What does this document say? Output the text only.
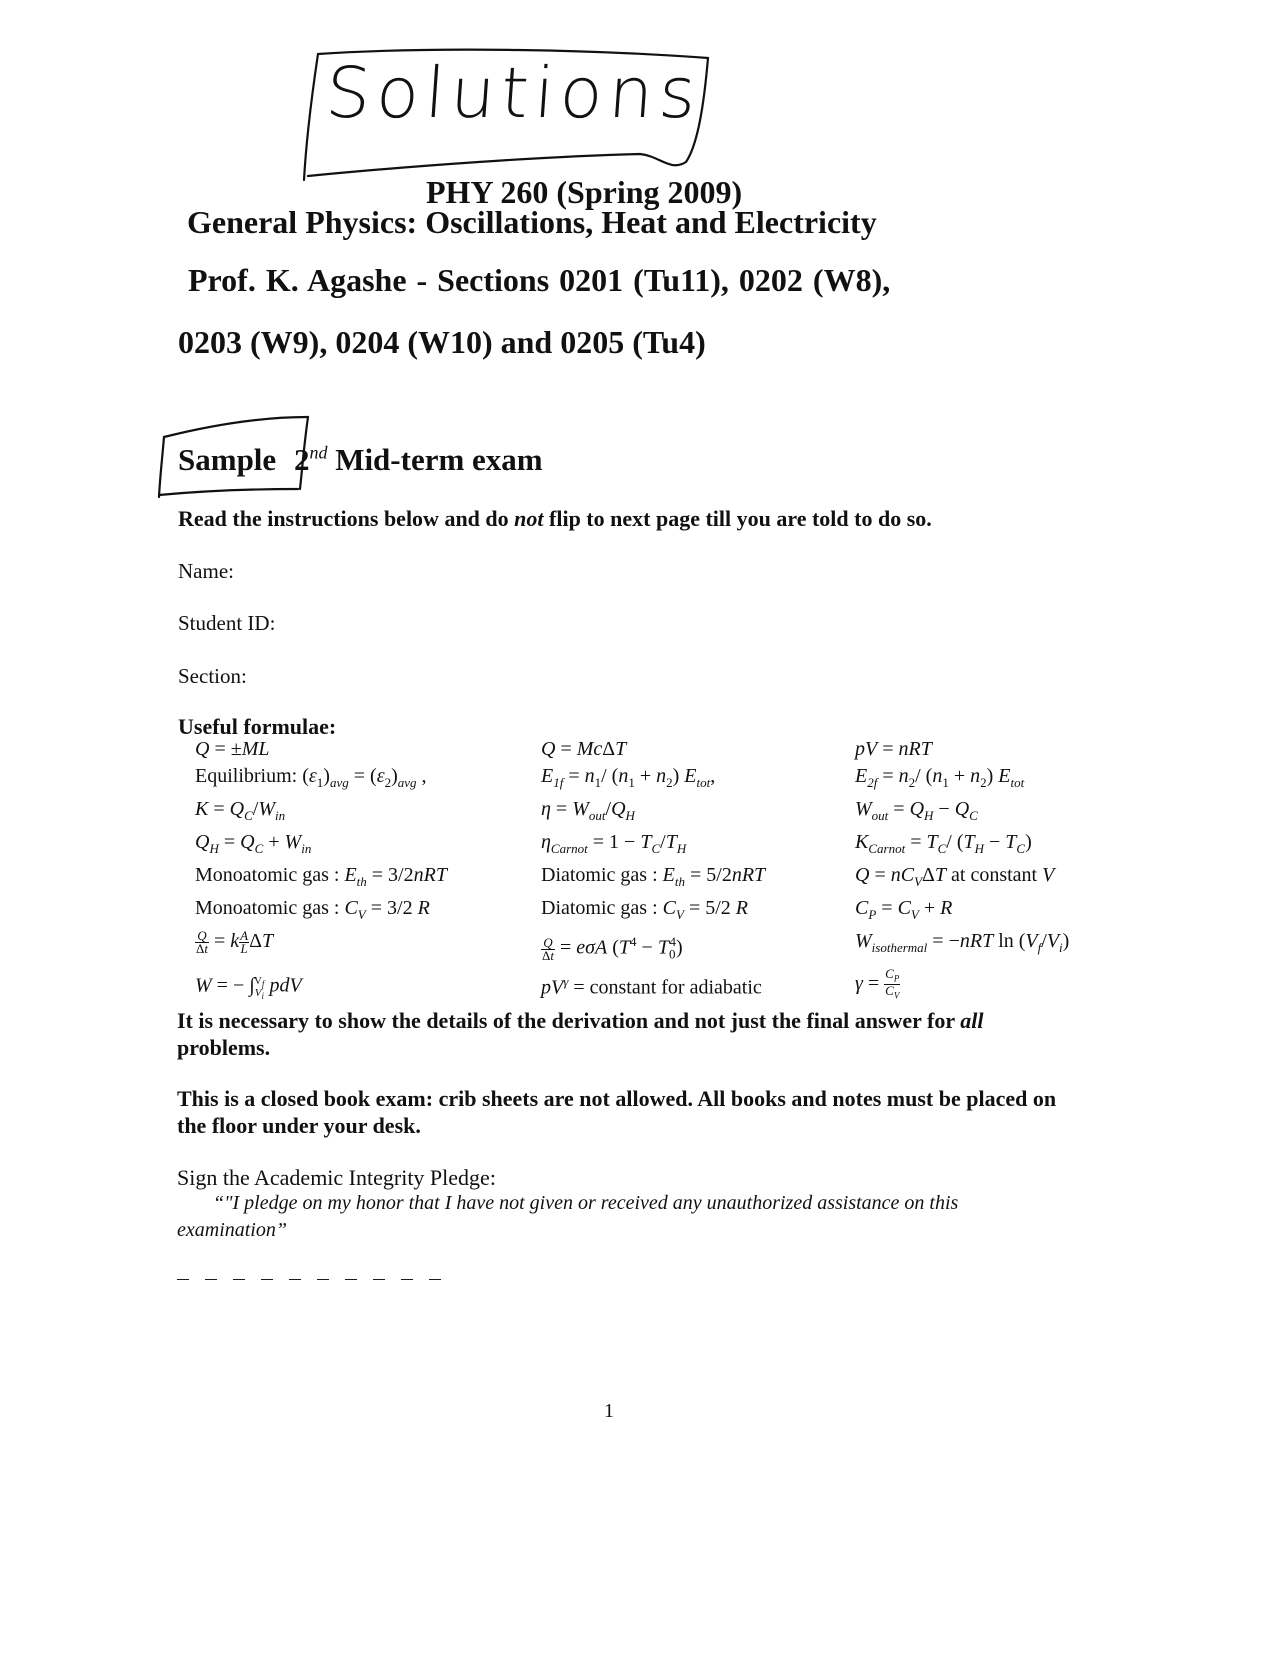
Solutions
PHY 260 (Spring 2009)
General Physics: Oscillations, Heat and Electricity
Prof. K. Agashe - Sections 0201 (Tu11), 0202 (W8),
0203 (W9), 0204 (W10) and 0205 (Tu4)
Sample 2nd Mid-term exam
Read the instructions below and do not flip to next page till you are told to do so.
Name:
Student ID:
Section:
Useful formulae:
Q = ±ML	Q = McΔT	pV = nRT
Equilibrium: $(\varepsilon_1)_{avg} = (\varepsilon_2)_{avg}$ ,	$E_{1f} = n_1/$ $(n_1 + n_2)$ $E_{tot}$,	$E_{2f} = n_2/$ $(n_1 + n_2)$ $E_{tot}$
$K = Q_C/W_{in}$	$\eta = W_{out}/Q_H$	$W_{out} = Q_H - Q_C$
$Q_H = Q_C + W_{in}$	$\eta_{Carnot} = 1 - T_C/T_H$	$K_{Carnot} = T_C/$ $(T_H - T_C)$
Monoatomic gas : $E_{th} = 3/2nRT$	Diatomic gas : $E_{th} = 5/2nRT$	$Q = nC_V\Delta T$ at constant V
Monoatomic gas : $C_V = 3/2$ R	Diatomic gas : $C_V = 5/2$ R	$C_P = C_V + R$
$\frac{Q}{\Delta t} = k \frac{A}{L}$ ΔT	$\frac{Q}{\Delta t} = e\sigma A$ $(T^4 - T_0^4)$	$W_{isothermal} = -nRT$ $\ln (V_f/V_i)$
W = − $\int_{V_i}^{V_f}$ pdV	$pV^\gamma$ = constant for adiabatic	$\gamma = \frac{C_P}{C_V}$
It is necessary to show the details of the derivation and not just the final answer for all problems.
This is a closed book exam: crib sheets are not allowed. All books and notes must be placed on the floor under your desk.
Sign the Academic Integrity Pledge:
“"I pledge on my honor that I have not given or received any unauthorized assistance on this examination”
_ _ _ _ _ _ _ _ _ _
1
